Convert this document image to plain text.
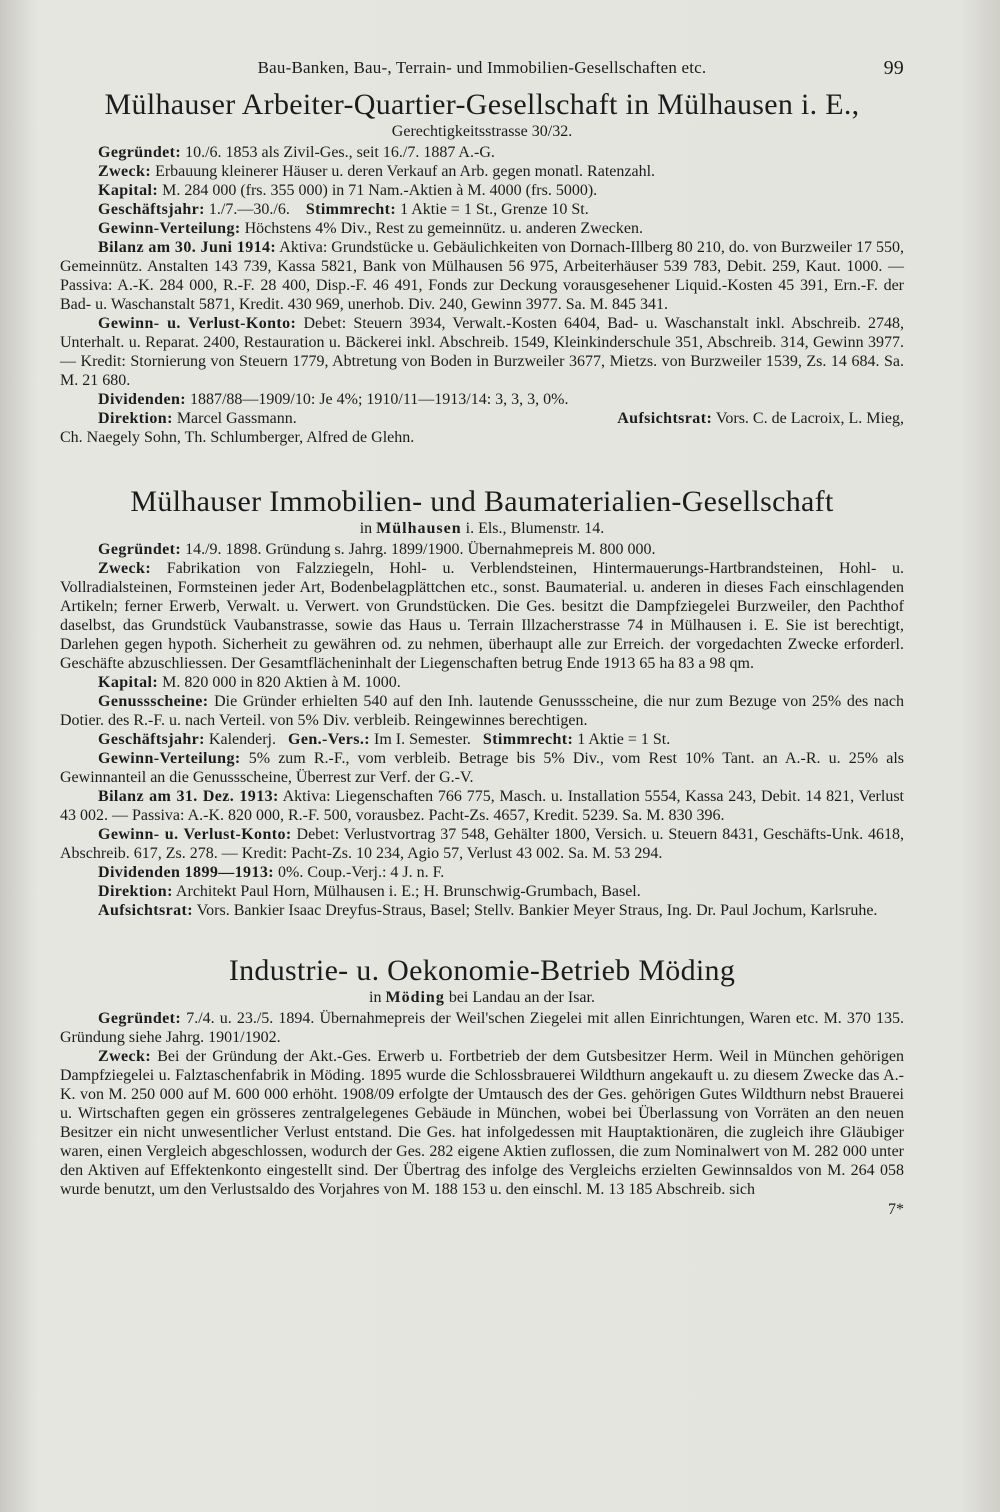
Bau-Banken, Bau-, Terrain- und Immobilien-Gesellschaften etc.	99
Mülhauser Arbeiter-Quartier-Gesellschaft in Mülhausen i. E.,

Gerechtigkeitsstrasse 30/32.

Gegründet: 10./6. 1853 als Zivil-Ges., seit 16./7. 1887 A.-G.

Zweck: Erbauung kleinerer Häuser u. deren Verkauf an Arb. gegen monatl. Ratenzahl.

Kapital: M. 284 000 (frs. 355 000) in 71 Nam.-Aktien à M. 4000 (frs. 5000).

Geschäftsjahr: 1./7.—30./6. Stimmrecht: 1 Aktie = 1 St., Grenze 10 St.

Gewinn-Verteilung: Höchstens 4% Div., Rest zu gemeinnütz. u. anderen Zwecken.

Bilanz am 30. Juni 1914: Aktiva: Grundstücke u. Gebäulichkeiten von Dornach-Illberg 80 210, do. von Burzweiler 17 550, Gemeinnütz. Anstalten 143 739, Kassa 5821, Bank von Mülhausen 56 975, Arbeiterhäuser 539 783, Debit. 259, Kaut. 1000. — Passiva: A.-K. 284 000, R.-F. 28 400, Disp.-F. 46 491, Fonds zur Deckung vorausgesehener Liquid.-Kosten 45 391, Ern.-F. der Bad- u. Waschanstalt 5871, Kredit. 430 969, unerhob. Div. 240, Gewinn 3977. Sa. M. 845 341.

Gewinn- u. Verlust-Konto: Debet: Steuern 3934, Verwalt.-Kosten 6404, Bad- u. Waschanstalt inkl. Abschreib. 2748, Unterhalt. u. Reparat. 2400, Restauration u. Bäckerei inkl. Abschreib. 1549, Kleinkinderschule 351, Abschreib. 314, Gewinn 3977. — Kredit: Stornierung von Steuern 1779, Abtretung von Boden in Burzweiler 3677, Mietzs. von Burzweiler 1539, Zs. 14 684. Sa. M. 21 680.

Dividenden: 1887/88—1909/10: Je 4%; 1910/11—1913/14: 3, 3, 3, 0%.

Direktion: Marcel Gassmann.	Aufsichtsrat: Vors. C. de Lacroix, L. Mieg,

Ch. Naegely Sohn, Th. Schlumberger, Alfred de Glehn.

Mülhauser Immobilien- und Baumaterialien-Gesellschaft

in Mülhausen i. Els., Blumenstr. 14.

Gegründet: 14./9. 1898. Gründung s. Jahrg. 1899/1900. Übernahmepreis M. 800 000.

Zweck: Fabrikation von Falzziegeln, Hohl- u. Verblendsteinen, Hintermauerungs-Hartbrandsteinen, Hohl- u. Vollradialsteinen, Formsteinen jeder Art, Bodenbelagplättchen etc., sonst. Baumaterial. u. anderen in dieses Fach einschlagenden Artikeln; ferner Erwerb, Verwalt. u. Verwert. von Grundstücken. Die Ges. besitzt die Dampfziegelei Burzweiler, den Pachthof daselbst, das Grundstück Vaubanstrasse, sowie das Haus u. Terrain Illzacherstrasse 74 in Mülhausen i. E. Sie ist berechtigt, Darlehen gegen hypoth. Sicherheit zu gewähren od. zu nehmen, überhaupt alle zur Erreich. der vorgedachten Zwecke erforderl. Geschäfte abzuschliessen. Der Gesamtflächeninhalt der Liegenschaften betrug Ende 1913 65 ha 83 a 98 qm.

Kapital: M. 820 000 in 820 Aktien à M. 1000.

Genussscheine: Die Gründer erhielten 540 auf den Inh. lautende Genussscheine, die nur zum Bezuge von 25% des nach Dotier. des R.-F. u. nach Verteil. von 5% Div. verbleib. Reingewinnes berechtigen.

Geschäftsjahr: Kalenderj. Gen.-Vers.: Im I. Semester. Stimmrecht: 1 Aktie = 1 St.

Gewinn-Verteilung: 5% zum R.-F., vom verbleib. Betrage bis 5% Div., vom Rest 10% Tant. an A.-R. u. 25% als Gewinnanteil an die Genussscheine, Überrest zur Verf. der G.-V.

Bilanz am 31. Dez. 1913: Aktiva: Liegenschaften 766 775, Masch. u. Installation 5554, Kassa 243, Debit. 14 821, Verlust 43 002. — Passiva: A.-K. 820 000, R.-F. 500, vorausbez. Pacht-Zs. 4657, Kredit. 5239. Sa. M. 830 396.

Gewinn- u. Verlust-Konto: Debet: Verlustvortrag 37 548, Gehälter 1800, Versich. u. Steuern 8431, Geschäfts-Unk. 4618, Abschreib. 617, Zs. 278. — Kredit: Pacht-Zs. 10 234, Agio 57, Verlust 43 002. Sa. M. 53 294.

Dividenden 1899—1913: 0%. Coup.-Verj.: 4 J. n. F.

Direktion: Architekt Paul Horn, Mülhausen i. E.; H. Brunschwig-Grumbach, Basel.

Aufsichtsrat: Vors. Bankier Isaac Dreyfus-Straus, Basel; Stellv. Bankier Meyer Straus, Ing. Dr. Paul Jochum, Karlsruhe.

Industrie- u. Oekonomie-Betrieb Möding

in Möding bei Landau an der Isar.

Gegründet: 7./4. u. 23./5. 1894. Übernahmepreis der Weil'schen Ziegelei mit allen Einrichtungen, Waren etc. M. 370 135. Gründung siehe Jahrg. 1901/1902.

Zweck: Bei der Gründung der Akt.-Ges. Erwerb u. Fortbetrieb der dem Gutsbesitzer Herm. Weil in München gehörigen Dampfziegelei u. Falztaschenfabrik in Möding. 1895 wurde die Schlossbrauerei Wildthurn angekauft u. zu diesem Zwecke das A.-K. von M. 250 000 auf M. 600 000 erhöht. 1908/09 erfolgte der Umtausch des der Ges. gehörigen Gutes Wildthurn nebst Brauerei u. Wirtschaften gegen ein grösseres zentralgelegenes Gebäude in München, wobei bei Überlassung von Vorräten an den neuen Besitzer ein nicht unwesentlicher Verlust entstand. Die Ges. hat infolgedessen mit Hauptaktionären, die zugleich ihre Gläubiger waren, einen Vergleich abgeschlossen, wodurch der Ges. 282 eigene Aktien zuflossen, die zum Nominalwert von M. 282 000 unter den Aktiven auf Effektenkonto eingestellt sind. Der Übertrag des infolge des Vergleichs erzielten Gewinnsaldos von M. 264 058 wurde benutzt, um den Verlustsaldo des Vorjahres von M. 188 153 u. den einschl. M. 13 185 Abschreib. sich

7*
